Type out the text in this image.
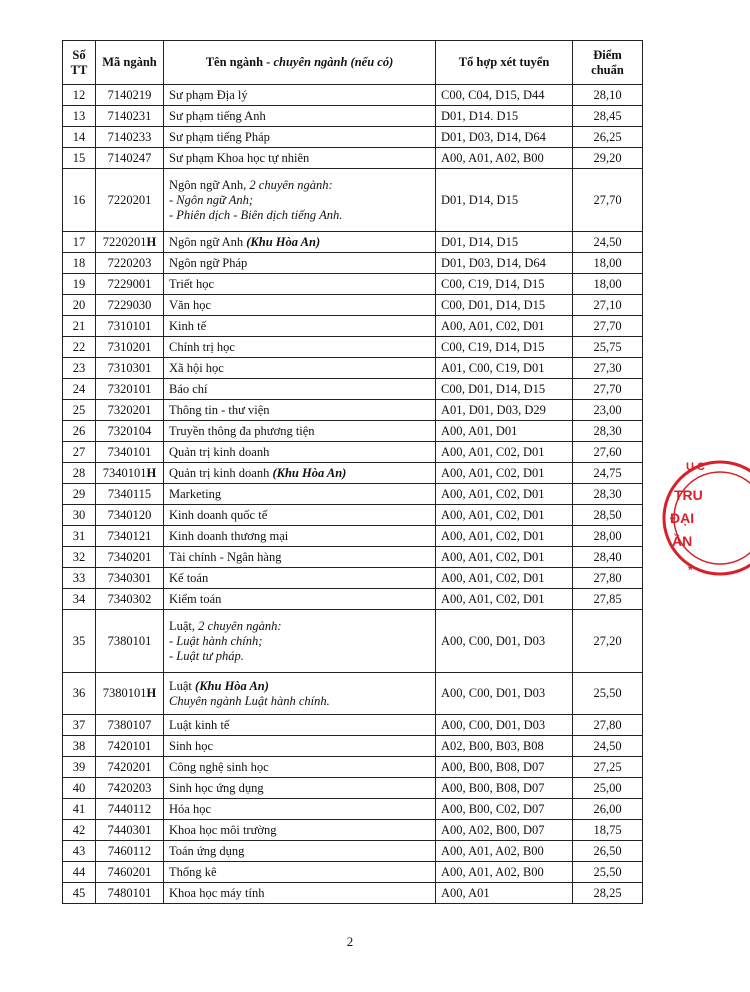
Số
TT	Mã ngành	Tên ngành - chuyên ngành (nếu có)	Tổ hợp xét tuyển	Điểm
chuẩn

12	7140219	Sư phạm Địa lý	C00, C04, D15, D44	28,10
13	7140231	Sư phạm tiếng Anh	D01, D14. D15	28,45
14	7140233	Sư phạm tiếng Pháp	D01, D03, D14, D64	26,25
15	7140247	Sư phạm Khoa học tự nhiên	A00, A01, A02, B00	29,20
16	7220201	Ngôn ngữ Anh, 2 chuyên ngành:
- Ngôn ngữ Anh;
- Phiên dịch - Biên dịch tiếng Anh.	D01, D14, D15	27,70
17	7220201H	Ngôn ngữ Anh (Khu Hòa An)	D01, D14, D15	24,50
18	7220203	Ngôn ngữ Pháp	D01, D03, D14, D64	18,00
19	7229001	Triết học	C00, C19, D14, D15	18,00
20	7229030	Văn học	C00, D01, D14, D15	27,10
21	7310101	Kinh tế	A00, A01, C02, D01	27,70
22	7310201	Chính trị học	C00, C19, D14, D15	25,75
23	7310301	Xã hội học	A01, C00, C19, D01	27,30
24	7320101	Báo chí	C00, D01, D14, D15	27,70
25	7320201	Thông tin - thư viện	A01, D01, D03, D29	23,00
26	7320104	Truyền thông đa phương tiện	A00, A01, D01	28,30
27	7340101	Quản trị kinh doanh	A00, A01, C02, D01	27,60
28	7340101H	Quản trị kinh doanh (Khu Hòa An)	A00, A01, C02, D01	24,75
29	7340115	Marketing	A00, A01, C02, D01	28,30
30	7340120	Kinh doanh quốc tế	A00, A01, C02, D01	28,50
31	7340121	Kinh doanh thương mại	A00, A01, C02, D01	28,00
32	7340201	Tài chính - Ngân hàng	A00, A01, C02, D01	28,40
33	7340301	Kế toán	A00, A01, C02, D01	27,80
34	7340302	Kiểm toán	A00, A01, C02, D01	27,85
35	7380101	Luật, 2 chuyên ngành:
- Luật hành chính;
- Luật tư pháp.	A00, C00, D01, D03	27,20
36	7380101H	Luật (Khu Hòa An)
Chuyên ngành Luật hành chính.	A00, C00, D01, D03	25,50
37	7380107	Luật kinh tế	A00, C00, D01, D03	27,80
38	7420101	Sinh học	A02, B00, B03, B08	24,50
39	7420201	Công nghệ sinh học	A00, B00, B08, D07	27,25
40	7420203	Sinh học ứng dụng	A00, B00, B08, D07	25,00
41	7440112	Hóa học	A00, B00, C02, D07	26,00
42	7440301	Khoa học môi trường	A00, A02, B00, D07	18,75
43	7460112	Toán ứng dụng	A00, A01, A02, B00	26,50
44	7460201	Thống kê	A00, A01, A02, B00	25,50
45	7480101	Khoa học máy tính	A00, A01	28,25
2
Ụ C
TRU
ĐẠI
ẦN
*
